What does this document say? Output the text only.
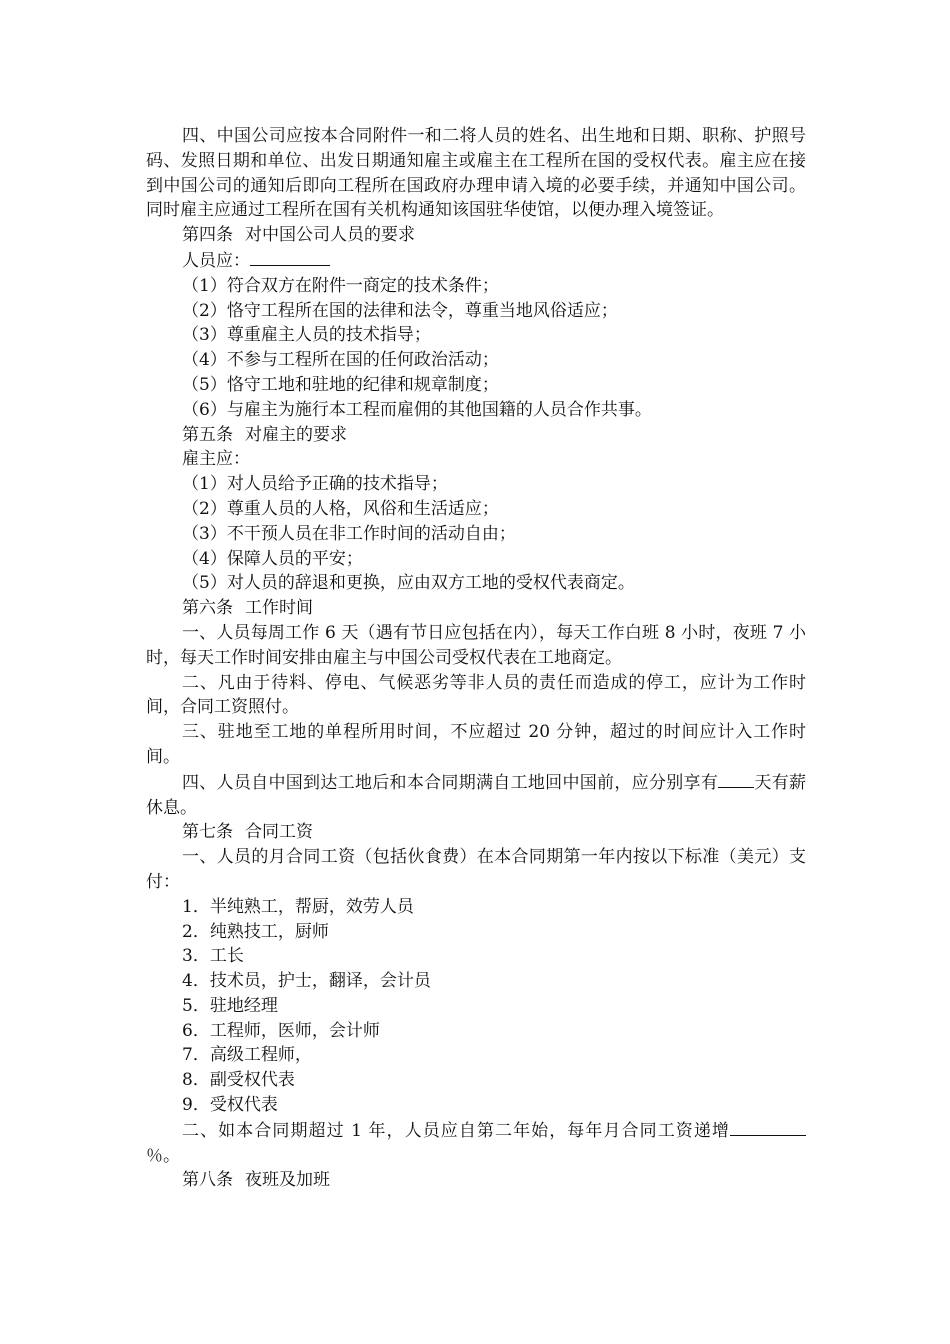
四、中国公司应按本合同附件一和二将人员的姓名、出生地和日期、职称、护照号码、发照日期和单位、出发日期通知雇主或雇主在工程所在国的受权代表。雇主应在接到中国公司的通知后即向工程所在国政府办理申请入境的必要手续，并通知中国公司。同时雇主应通过工程所在国有关机构通知该国驻华使馆，以便办理入境签证。

第四条 对中国公司人员的要求

人员应：

（1）符合双方在附件一商定的技术条件；

（2）恪守工程所在国的法律和法令，尊重当地风俗适应；

（3）尊重雇主人员的技术指导；

（4）不参与工程所在国的任何政治活动；

（5）恪守工地和驻地的纪律和规章制度；

（6）与雇主为施行本工程而雇佣的其他国籍的人员合作共事。

第五条 对雇主的要求

雇主应：

（1）对人员给予正确的技术指导；

（2）尊重人员的人格，风俗和生活适应；

（3）不干预人员在非工作时间的活动自由；

（4）保障人员的平安；

（5）对人员的辞退和更换，应由双方工地的受权代表商定。

第六条 工作时间

一、人员每周工作 6 天（遇有节日应包括在内），每天工作白班 8 小时，夜班 7 小时，每天工作时间安排由雇主与中国公司受权代表在工地商定。

二、凡由于待料、停电、气候恶劣等非人员的责任而造成的停工，应计为工作时间，合同工资照付。

三、驻地至工地的单程所用时间，不应超过 20 分钟，超过的时间应计入工作时间。

四、人员自中国到达工地后和本合同期满自工地回中国前，应分别享有 天有薪休息。

第七条 合同工资

一、人员的月合同工资（包括伙食费）在本合同期第一年内按以下标准（美元）支付：

1．半纯熟工，帮厨，效劳人员

2．纯熟技工，厨师

3．工长

4．技术员，护士，翻译，会计员

5．驻地经理

6．工程师，医师，会计师

7．高级工程师，

8．副受权代表

9．受权代表

二、如本合同期超过 1 年，人员应自第二年始，每年月合同工资递增％。

第八条 夜班及加班
